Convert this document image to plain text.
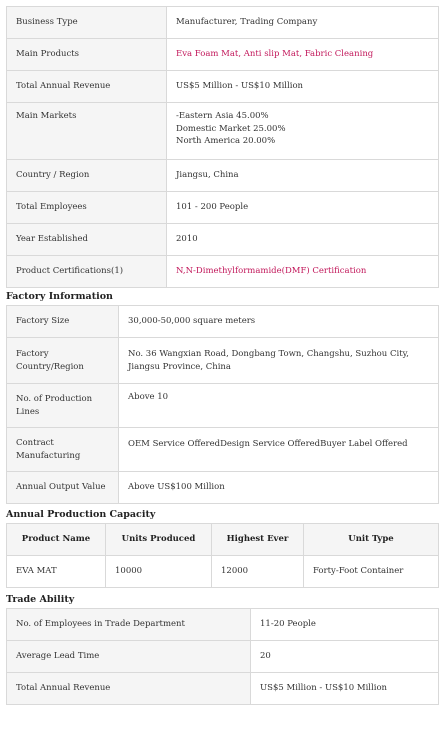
Business Type	Manufacturer, Trading Company
Main Products	Eva Foam Mat, Anti slip Mat, Fabric Cleaning
Total Annual Revenue	US$5 Million - US$10 Million
Main Markets	-Eastern Asia 45.00%

Domestic Market 25.00%

North America 20.00%

Country / Region	Jiangsu, China
Total Employees	101 - 200 People
Year Established	2010
Product Certifications(1)	N,N-Dimethylformamide(DMF) Certification
Factory Information
Factory Size	30,000-50,000 square meters
Factory Country/Region	No. 36 Wangxian Road, Dongbang Town, Changshu, Suzhou City, Jiangsu Province, China
No. of Production Lines	Above 10
Contract Manufacturing	OEM Service OfferedDesign Service OfferedBuyer Label Offered
Annual Output Value	Above US$100 Million
Annual Production Capacity
Product Name	Units Produced	Highest Ever	Unit Type
EVA MAT	10000	12000	Forty-Foot Container
Trade Ability
No. of Employees in Trade Department	11-20 People
Average Lead Time	20
Total Annual Revenue	US$5 Million - US$10 Million
